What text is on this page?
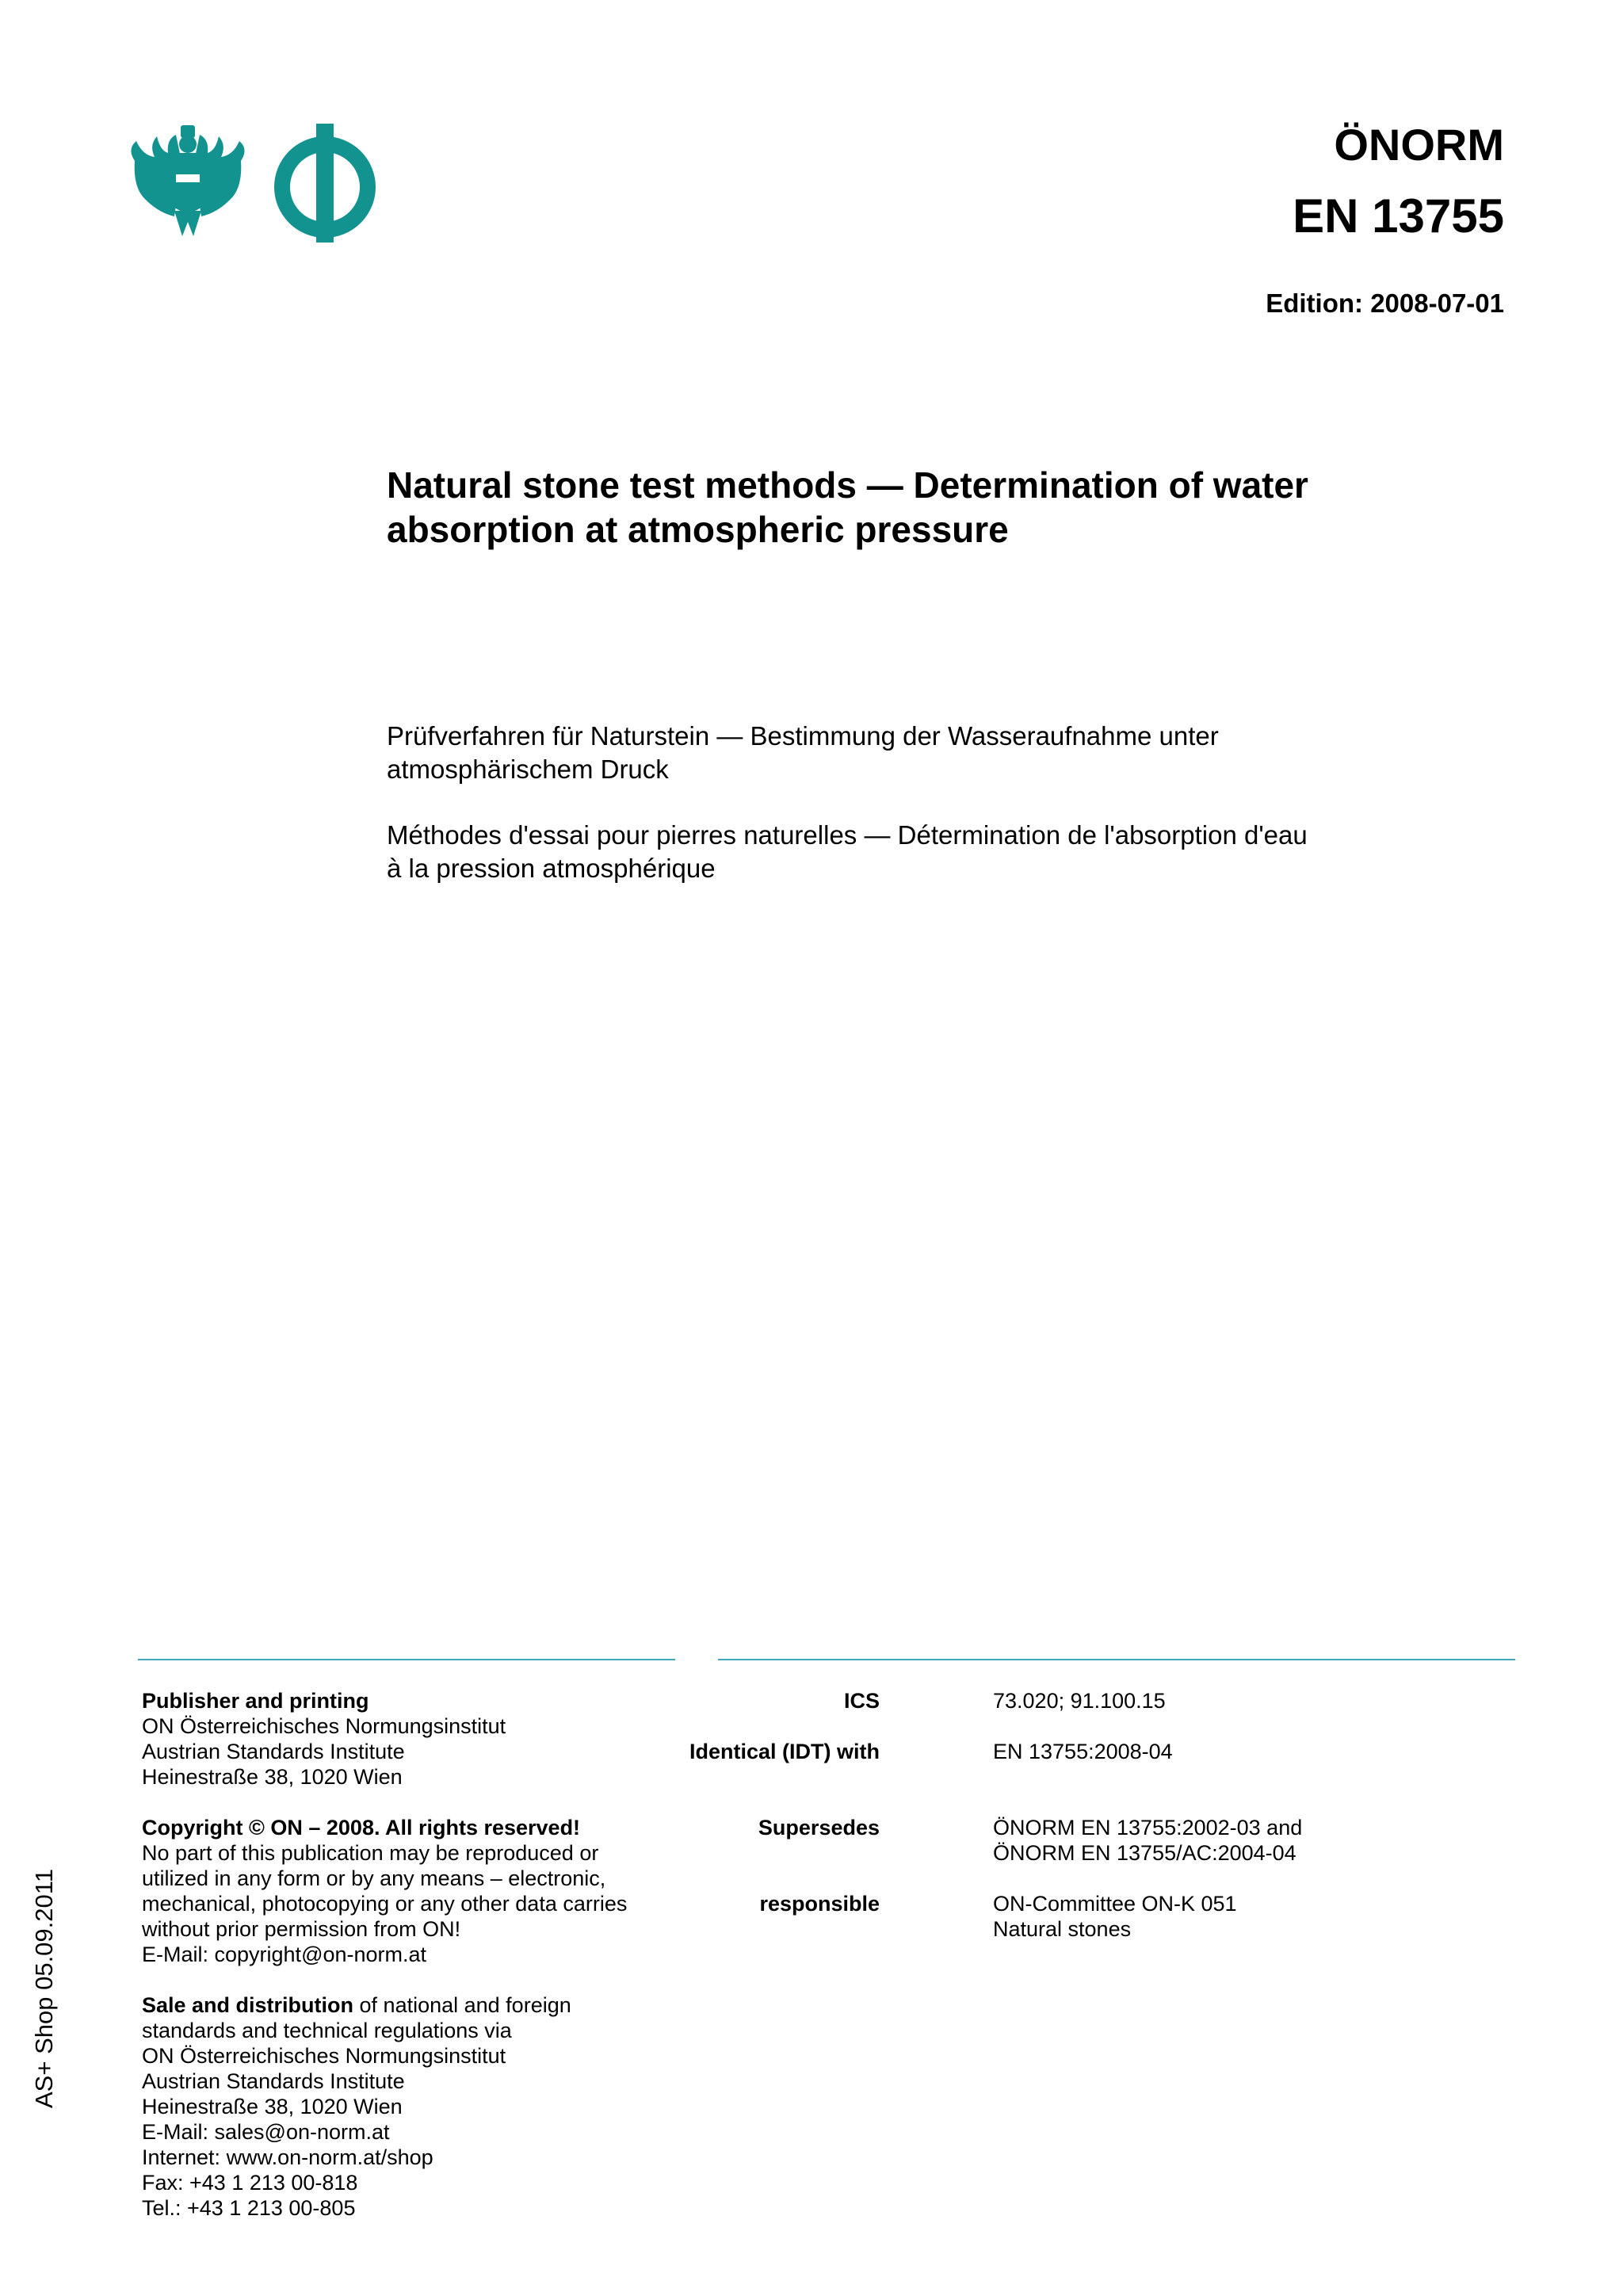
ÖNORM
EN 13755
Edition: 2008-07-01
Natural stone test methods — Determination of water
absorption at atmospheric pressure
Prüfverfahren für Naturstein — Bestimmung der Wasseraufnahme unter
atmosphärischem Druck
Méthodes d'essai pour pierres naturelles — Détermination de l'absorption d'eau
à la pression atmosphérique
Publisher and printing
ON Österreichisches Normungsinstitut
Austrian Standards Institute
Heinestraße 38, 1020 Wien
Copyright © ON – 2008. All rights reserved!
No part of this publication may be reproduced or
utilized in any form or by any means – electronic,
mechanical, photocopying or any other data carries
without prior permission from ON!
E-Mail: copyright@on-norm.at
Sale and distribution of national and foreign
standards and technical regulations via
ON Österreichisches Normungsinstitut
Austrian Standards Institute
Heinestraße 38, 1020 Wien
E-Mail: sales@on-norm.at
Internet: www.on-norm.at/shop
Fax: +43 1 213 00-818
Tel.: +43 1 213 00-805
ICS	73.020; 91.100.15
Identical (IDT) with	EN 13755:2008-04
Supersedes	ÖNORM EN 13755:2002-03 and
ÖNORM EN 13755/AC:2004-04
responsible	ON-Committee ON-K 051
Natural stones
AS+ Shop 05.09.2011
